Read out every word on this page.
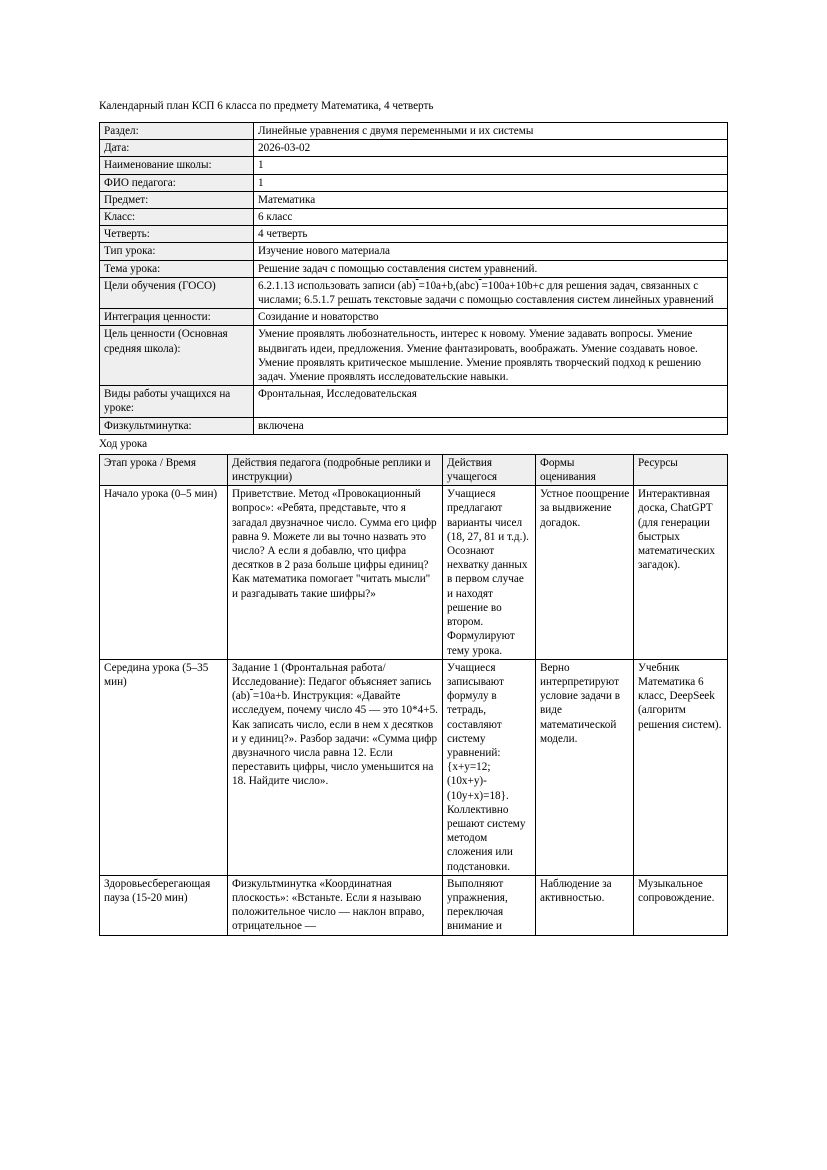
Календарный план КСП 6 класса по предмету Математика, 4 четверть

Раздел:	Линейные уравнения с двумя переменными и их системы
Дата:	2026-03-02
Наименование школы:	1
ФИО педагога:	1
Предмет:	Математика
Класс:	6 класс
Четверть:	4 четверть
Тип урока:	Изучение нового материала
Тема урока:	Решение задач с помощью составления систем уравнений.
Цели обучения (ГОСО)	6.2.1.13 использовать записи (ab) =10a+b,(abc) =100a+10b+c для решения задач, связанных с числами; 6.5.1.7 решать текстовые задачи с помощью составления систем линейных уравнений
Интеграция ценности:	Созидание и новаторство
Цель ценности (Основная средняя школа):	Умение проявлять любознательность, интерес к новому. Умение задавать вопросы. Умение выдвигать идеи, предложения. Умение фантазировать, воображать. Умение создавать новое. Умение проявлять критическое мышление. Умение проявлять творческий подход к решению задач. Умение проявлять исследовательские навыки.
Виды работы учащихся на уроке:	Фронтальная, Исследовательская
Физкультминутка:	включена

Ход урока

Этап урока / Время	Действия педагога (подробные реплики и инструкции)	Действия учащегося	Формы оценивания	Ресурсы
Начало урока (0–5 мин)	Приветствие. Метод «Провокационный вопрос»: «Ребята, представьте, что я загадал двузначное число. Сумма его цифр равна 9. Можете ли вы точно назвать это число? А если я добавлю, что цифра десятков в 2 раза больше цифры единиц? Как математика помогает "читать мысли" и разгадывать такие шифры?»	Учащиеся предлагают варианты чисел (18, 27, 81 и т.д.). Осознают нехватку данных в первом случае и находят решение во втором. Формулируют тему урока.	Устное поощрение за выдвижение догадок.	Интерактивная доска, ChatGPT (для генерации быстрых математических загадок).
Середина урока (5–35 мин)	Задание 1 (Фронтальная работа/Исследование): Педагог объясняет запись (ab) =10a+b. Инструкция: «Давайте исследуем, почему число 45 — это 10*4+5. Как записать число, если в нем x десятков и y единиц?». Разбор задачи: «Сумма цифр двузначного числа равна 12. Если переставить цифры, число уменьшится на 18. Найдите число».	Учащиеся записывают формулу в тетрадь, составляют систему уравнений: {x+y=12; (10x+y)-(10y+x)=18}. Коллективно решают систему методом сложения или подстановки.	Верно интерпретируют условие задачи в виде математической модели.	Учебник Математика 6 класс, DeepSeek (алгоритм решения систем).
Здоровьесберегающая пауза (15-20 мин)	Физкультминутка «Координатная плоскость»: «Встаньте. Если я называю положительное число — наклон вправо, отрицательное —	Выполняют упражнения, переключая внимание и	Наблюдение за активностью.	Музыкальное сопровождение.
